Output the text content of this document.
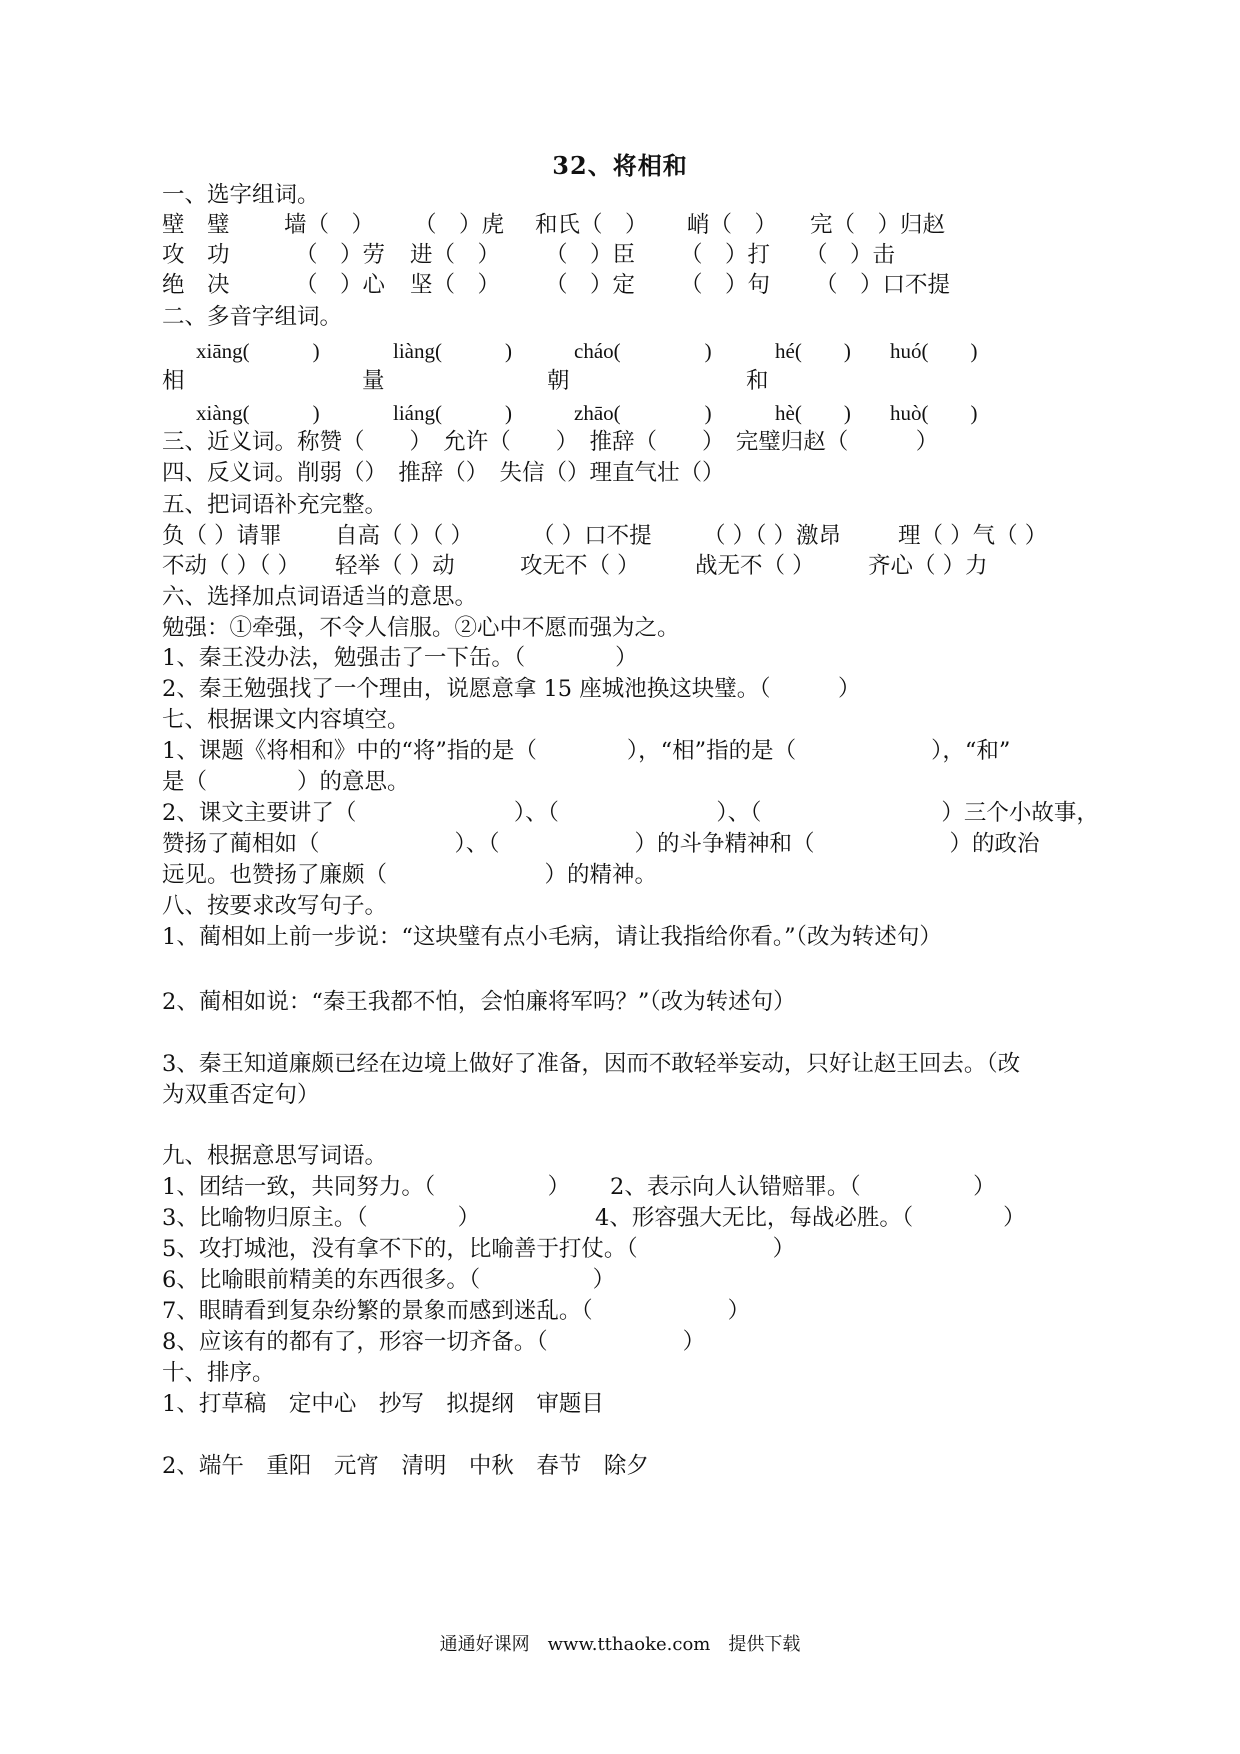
32、将相和
一、选字组词。
壁　璧 墙（　） （　）虎 和氏（　） 峭（　） 完（　）归赵
攻　功	（　）劳 进（　） （　）臣 （　）打 （　）击
绝　决	（　）心 坚（　） （　）定 （　）句 （　）口不提
二、多音字组词。
xiāng(　　　)	liàng(　　　)	cháo(　　　　)	hé(　　) huó(　　)
相	量	朝	和
xiàng(　　　)	liáng(　　　)	zhāo(　　　　)	hè(　　) huò(　　)
三、近义词。称赞（　　）　允许（　　）　推辞（　　）　完璧归赵（　　　）
四、反义词。削弱（）　推辞（）　失信（）理直气壮（）
五、把词语补充完整。
负（ ）请罪 自高（ ）（ ）	（ ）口不提 （ ）（ ）激昂	理（ ）气（ ）
不动（ ）（ ） 轻举（ ）动	攻无不（ ） 战无不（ ） 齐心（ ）力
六、选择加点词语适当的意思。
勉强：①牵强，不令人信服。②心中不愿而强为之。
1、秦王没办法，勉强击了一下缶。（　　　　）
2、秦王勉强找了一个理由，说愿意拿 15 座城池换这块璧。（　　　）
七、根据课文内容填空。
1、课题《将相和》中的“将”指的是（　　　　），“相”指的是（　　　　　　），“和”
是（　　　　）的意思。
2、课文主要讲了（　　　　　　　）、（　　　　　　　）、（　　　　　　　　）三个小故事，
赞扬了蔺相如（　　　　　　）、（　　　　　　）的斗争精神和（　　　　　　）的政治
远见。也赞扬了廉颇（　　　　　　　）的精神。
八、按要求改写句子。
1、蔺相如上前一步说：“这块璧有点小毛病，请让我指给你看。”（改为转述句）
2、蔺相如说：“秦王我都不怕，会怕廉将军吗？”（改为转述句）
3、秦王知道廉颇已经在边境上做好了准备，因而不敢轻举妄动，只好让赵王回去。（改
为双重否定句）
九、根据意思写词语。
1、团结一致，共同努力。（　　　　　） 2、表示向人认错赔罪。（　　　　　）
3、比喻物归原主。（　　　　）	4、形容强大无比，每战必胜。（　　　　）
5、攻打城池，没有拿不下的，比喻善于打仗。（　　　　　　）
6、比喻眼前精美的东西很多。（　　　　　）
7、眼睛看到复杂纷繁的景象而感到迷乱。（　　　　　　）
8、应该有的都有了，形容一切齐备。（　　　　　　）
十、排序。
1、打草稿　定中心　抄写　拟提纲　审题目
2、端午　重阳　元宵　清明　中秋　春节　除夕
通通好课网　www.tthaoke.com　提供下载
